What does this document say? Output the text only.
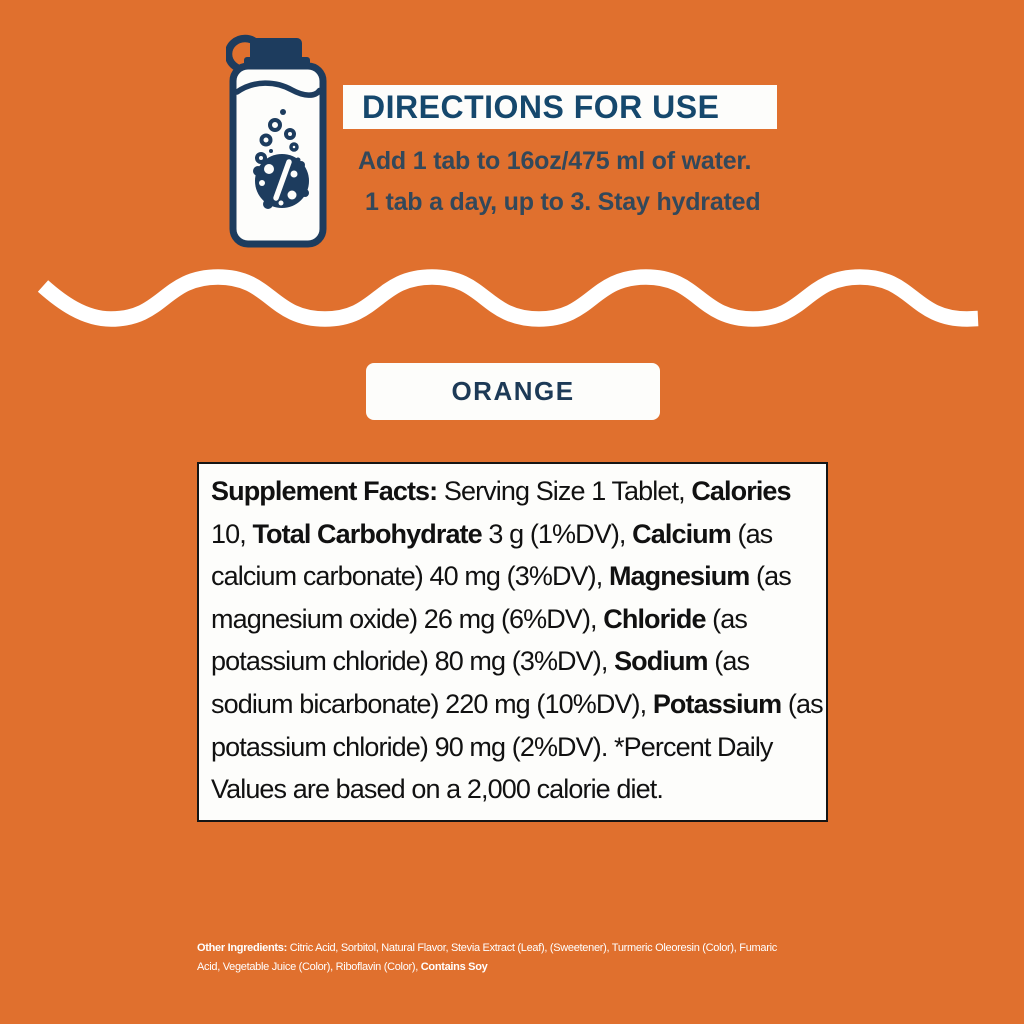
DIRECTIONS FOR USE
Add 1 tab to 16oz/475 ml of water.
1 tab a day, up to 3. Stay hydrated
ORANGE
Supplement Facts: Serving Size 1 Tablet, Calories
10, Total Carbohydrate 3 g (1%DV), Calcium (as
calcium carbonate) 40 mg (3%DV), Magnesium (as
magnesium oxide) 26 mg (6%DV), Chloride (as
potassium chloride) 80 mg (3%DV), Sodium (as
sodium bicarbonate) 220 mg (10%DV), Potassium (as
potassium chloride) 90 mg (2%DV). *Percent Daily
Values are based on a 2,000 calorie diet.
Other Ingredients: Citric Acid, Sorbitol, Natural Flavor, Stevia Extract (Leaf), (Sweetener), Turmeric Oleoresin (Color), Fumaric
Acid, Vegetable Juice (Color), Riboflavin (Color), Contains Soy
